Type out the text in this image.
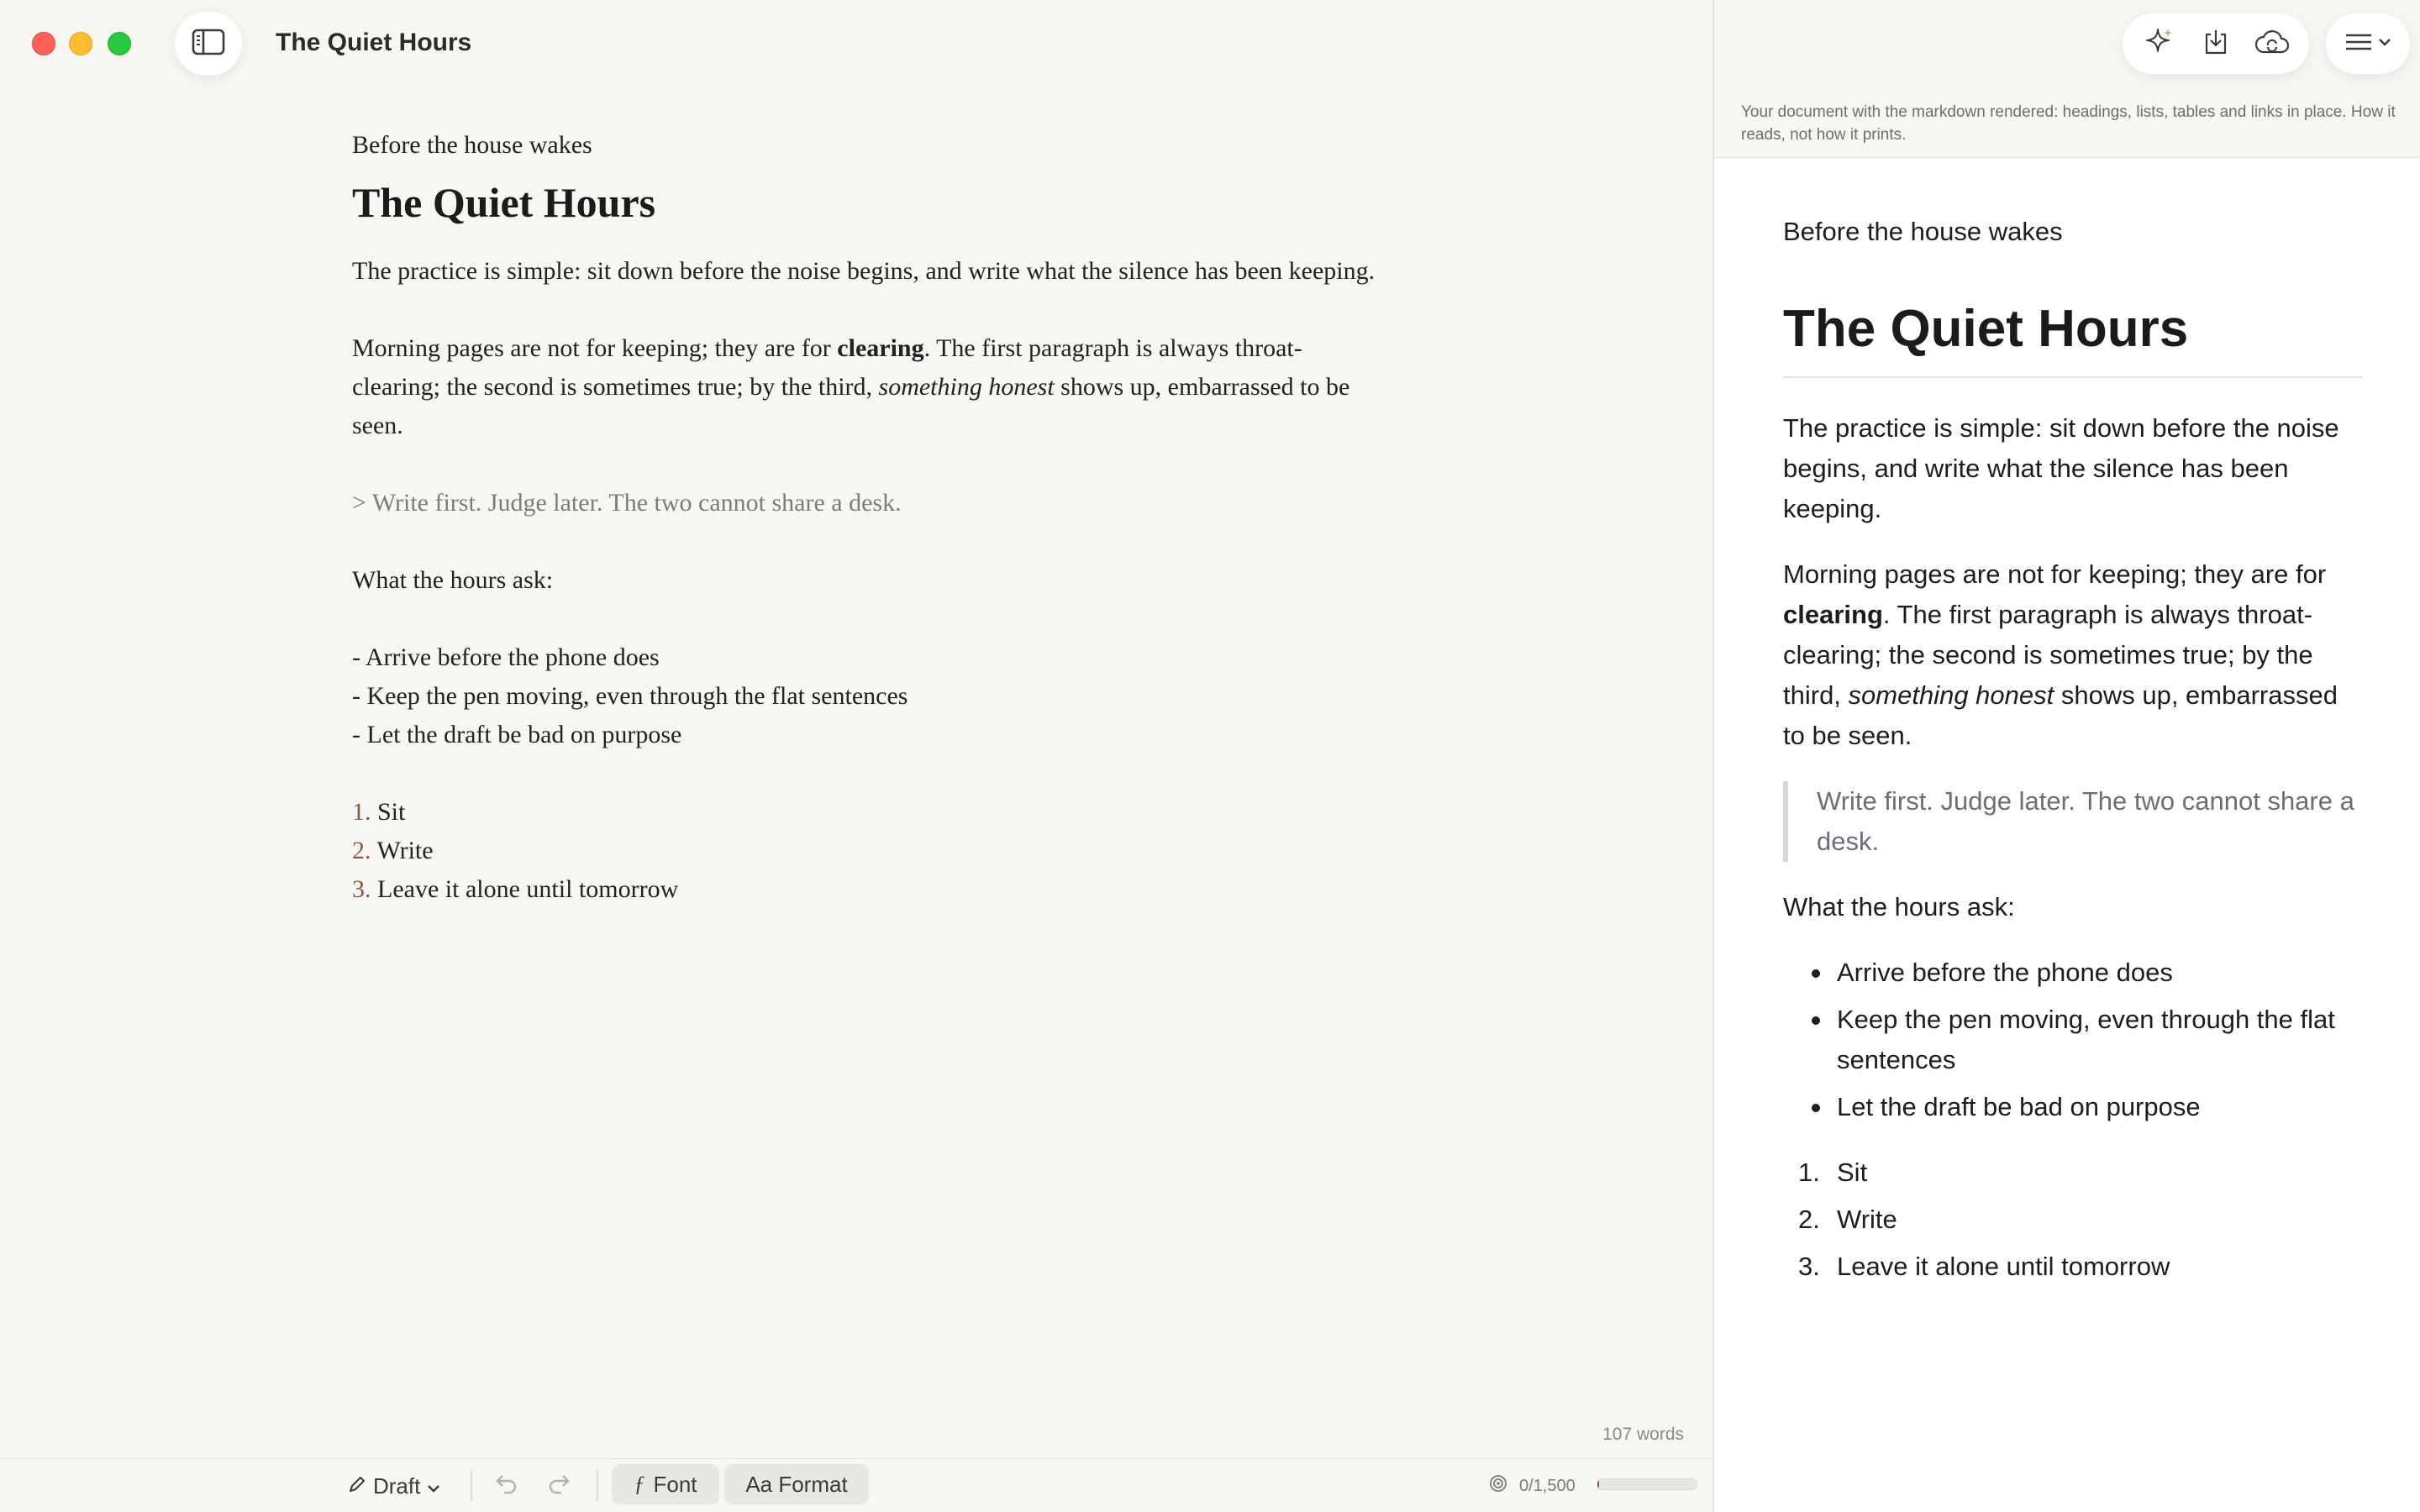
The Quiet Hours
Before the house wakes
The Quiet Hours
The practice is simple: sit down before the noise begins, and write what the silence has been keeping.
Morning pages are not for keeping; they are for clearing. The first paragraph is always throat-clearing; the second is sometimes true; by the third, something honest shows up, embarrassed to be seen.
> Write first. Judge later. The two cannot share a desk.
What the hours ask:
- Arrive before the phone does
- Keep the pen moving, even through the flat sentences
- Let the draft be bad on purpose
1. Sit
2. Write
3. Leave it alone until tomorrow
107 words
Draft	ƒ Font Aa Format	0/1,500
Your document with the markdown rendered: headings, lists, tables and links in place. How it reads, not how it prints.
Before the house wakes
The Quiet Hours
The practice is simple: sit down before the noise begins, and write what the silence has been keeping.
Morning pages are not for keeping; they are for clearing. The first paragraph is always throat-clearing; the second is sometimes true; by the third, something honest shows up, embarrassed to be seen.
Write first. Judge later. The two cannot share a desk.
What the hours ask:
Arrive before the phone does
Keep the pen moving, even through the flat sentences
Let the draft be bad on purpose
1. Sit
2. Write
3. Leave it alone until tomorrow
